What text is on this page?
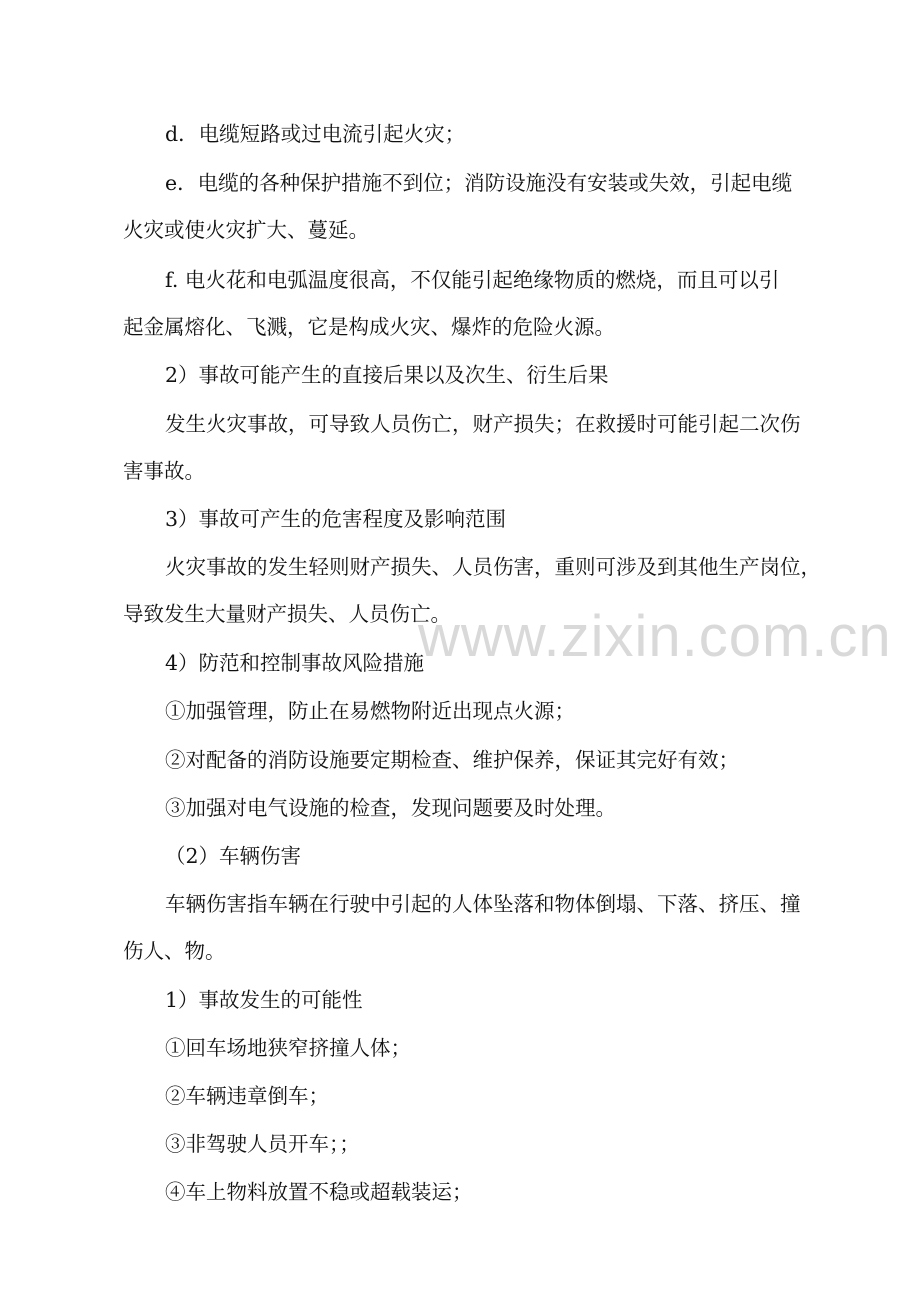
www.zixin.com.cn
d．电缆短路或过电流引起火灾；
e．电缆的各种保护措施不到位；消防设施没有安装或失效，引起电缆
火灾或使火灾扩大、蔓延。
f. 电火花和电弧温度很高，不仅能引起绝缘物质的燃烧，而且可以引
起金属熔化、飞溅，它是构成火灾、爆炸的危险火源。
2）事故可能产生的直接后果以及次生、衍生后果
发生火灾事故，可导致人员伤亡，财产损失；在救援时可能引起二次伤
害事故。
3）事故可产生的危害程度及影响范围
火灾事故的发生轻则财产损失、人员伤害，重则可涉及到其他生产岗位，
导致发生大量财产损失、人员伤亡。
4）防范和控制事故风险措施
①加强管理，防止在易燃物附近出现点火源；
②对配备的消防设施要定期检查、维护保养，保证其完好有效；
③加强对电气设施的检查，发现问题要及时处理。
（2）车辆伤害
车辆伤害指车辆在行驶中引起的人体坠落和物体倒塌、下落、挤压、撞
伤人、物。
1）事故发生的可能性
①回车场地狭窄挤撞人体；
②车辆违章倒车；
③非驾驶人员开车；；
④车上物料放置不稳或超载装运；
